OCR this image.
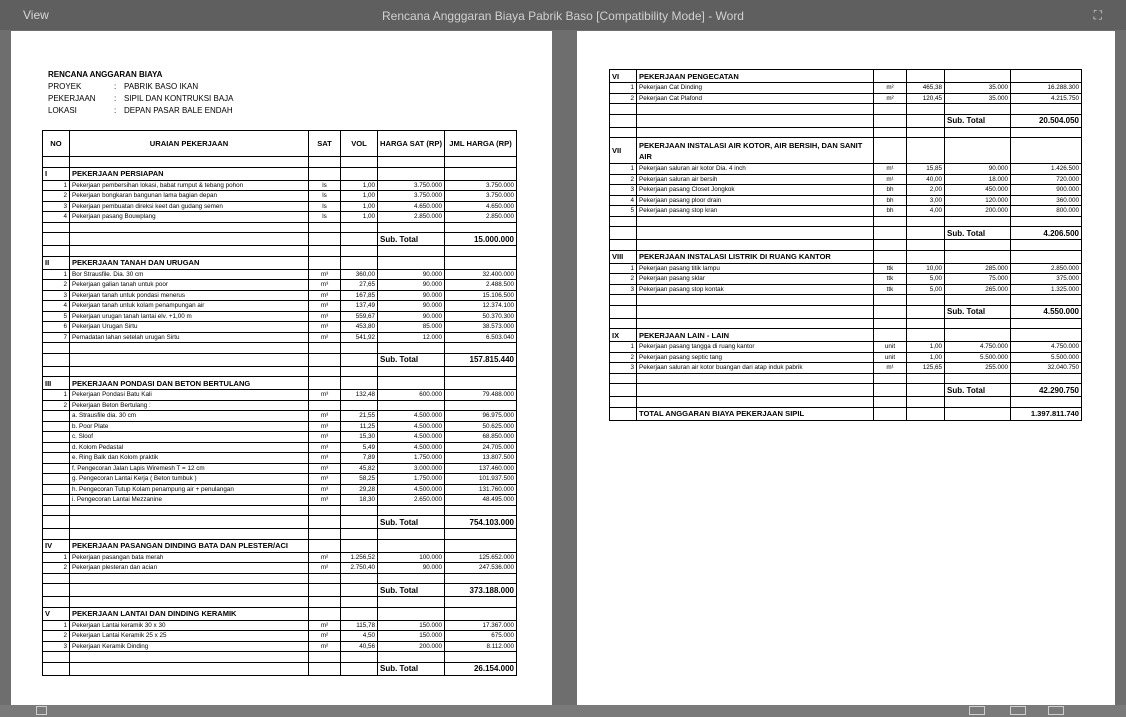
View	Rencana Angggaran Biaya Pabrik Baso [Compatibility Mode] - Word	⛶
RENCANA ANGGARAN BIAYA
PROYEK	: PABRIK BASO IKAN
PEKERJAAN : SIPIL DAN KONTRUKSI BAJA
LOKASI	: DEPAN PASAR BALE ENDAH
NO	URAIAN PEKERJAAN	SAT	VOL	HARGA SAT (RP)	JML HARGA (RP)

I	PEKERJAAN PERSIAPAN				
1	Pekerjaan pembersihan lokasi, babat rumput & tebang pohon	ls	1,00	3.750.000	3.750.000
2	Pekerjaan bongkaran bangunan lama bagian depan	ls	1,00	3.750.000	3.750.000
3	Pekerjaan pembuatan direksi keet dan gudang semen	ls	1,00	4.650.000	4.650.000
4	Pekerjaan pasang Bouwplang	ls	1,00	2.850.000	2.850.000

				Sub. Total	15.000.000

II	PEKERJAAN TANAH DAN URUGAN				
1	Bor Strausfile. Dia. 30 cm	m³	360,00	90.000	32.400.000
2	Pekerjaan galian tanah untuk poor	m³	27,65	90.000	2.488.500
3	Pekerjaan tanah untuk pondasi menerus	m³	167,85	90.000	15.106.500
4	Pekerjaan tanah untuk kolam penampungan air	m³	137,49	90.000	12.374.100
5	Pekerjaan urugan tanah lantai elv. +1,00 m	m³	559,67	90.000	50.370.300
6	Pekerjaan Urugan Sirtu	m³	453,80	85.000	38.573.000
7	Pemadatan lahan setelah urugan Sirtu	m²	541,92	12.000	6.503.040

				Sub. Total	157.815.440

III	PEKERJAAN PONDASI DAN BETON BERTULANG				
1	Pekerjaan Pondasi Batu Kali	m³	132,48	600.000	79.488.000
2	Pekerjaan Beton Bertulang :				
	a. Strausfile dia. 30 cm	m³	21,55	4.500.000	96.975.000
	b. Poor Plate	m³	11,25	4.500.000	50.625.000
	c. Sloof	m³	15,30	4.500.000	68.850.000
	d. Kolom Pedastal	m³	5,49	4.500.000	24.705.000
	e. Ring Balk dan Kolom praktik	m³	7,89	1.750.000	13.807.500
	f. Pengecoran Jalan Lapis Wiremesh T = 12 cm	m³	45,82	3.000.000	137.460.000
	g. Pengecoran Lantai Kerja ( Beton tumbuk )	m³	58,25	1.750.000	101.937.500
	h. Pengecoran Tutup Kolam penampung air + penulangan	m³	29,28	4.500.000	131.760.000
	i. Pengecoran Lantai Mezzanine	m³	18,30	2.650.000	48.495.000

				Sub. Total	754.103.000

IV	PEKERJAAN PASANGAN DINDING BATA DAN PLESTER/ACI				
1	Pekerjaan pasangan bata merah	m²	1.256,52	100.000	125.652.000
2	Pekerjaan plesteran dan acian	m²	2.750,40	90.000	247.536.000

				Sub. Total	373.188.000

V	PEKERJAAN LANTAI DAN DINDING KERAMIK				
1	Pekerjaan Lantai keramik 30 x 30	m²	115,78	150.000	17.367.000
2	Pekerjaan Lantai Keramik 25 x 25	m²	4,50	150.000	675.000
3	Pekerjaan Keramik Dinding	m²	40,56	200.000	8.112.000

				Sub. Total	26.154.000
VI	PEKERJAAN PENGECATAN				
1	Pekerjaan Cat Dinding	m²	465,38	35.000	16.288.300
2	Pekerjaan Cat Plafond	m²	120,45	35.000	4.215.750

				Sub. Total	20.504.050

VII	PEKERJAAN INSTALASI AIR KOTOR, AIR BERSIH, DAN SANIT AIR				
1	Pekerjaan saluran air kotor Dia. 4 inch	m¹	15,85	90.000	1.426.500
2	Pekerjaan saluran air bersih	m¹	40,00	18.000	720.000
3	Pekerjaan pasang Closet Jongkok	bh	2,00	450.000	900.000
4	Pekerjaan pasang ploor drain	bh	3,00	120.000	360.000
5	Pekerjaan pasang stop kran	bh	4,00	200.000	800.000

				Sub. Total	4.206.500

VIII	PEKERJAAN INSTALASI LISTRIK DI RUANG KANTOR				
1	Pekerjaan pasang titik lampu	ttk	10,00	285.000	2.850.000
2	Pekerjaan pasang sklar	ttk	5,00	75.000	375.000
3	Pekerjaan pasang stop kontak	ttk	5,00	265.000	1.325.000

				Sub. Total	4.550.000

IX	PEKERJAAN LAIN - LAIN				
1	Pekerjaan pasang tangga di ruang kantor	unit	1,00	4.750.000	4.750.000
2	Pekerjaan pasang septic tang	unit	1,00	5.500.000	5.500.000
3	Pekerjaan saluran air kotor buangan dari atap induk pabrik	m¹	125,65	255.000	32.040.750

				Sub. Total	42.290.750

	TOTAL ANGGARAN BIAYA PEKERJAAN SIPIL				1.397.811.740
